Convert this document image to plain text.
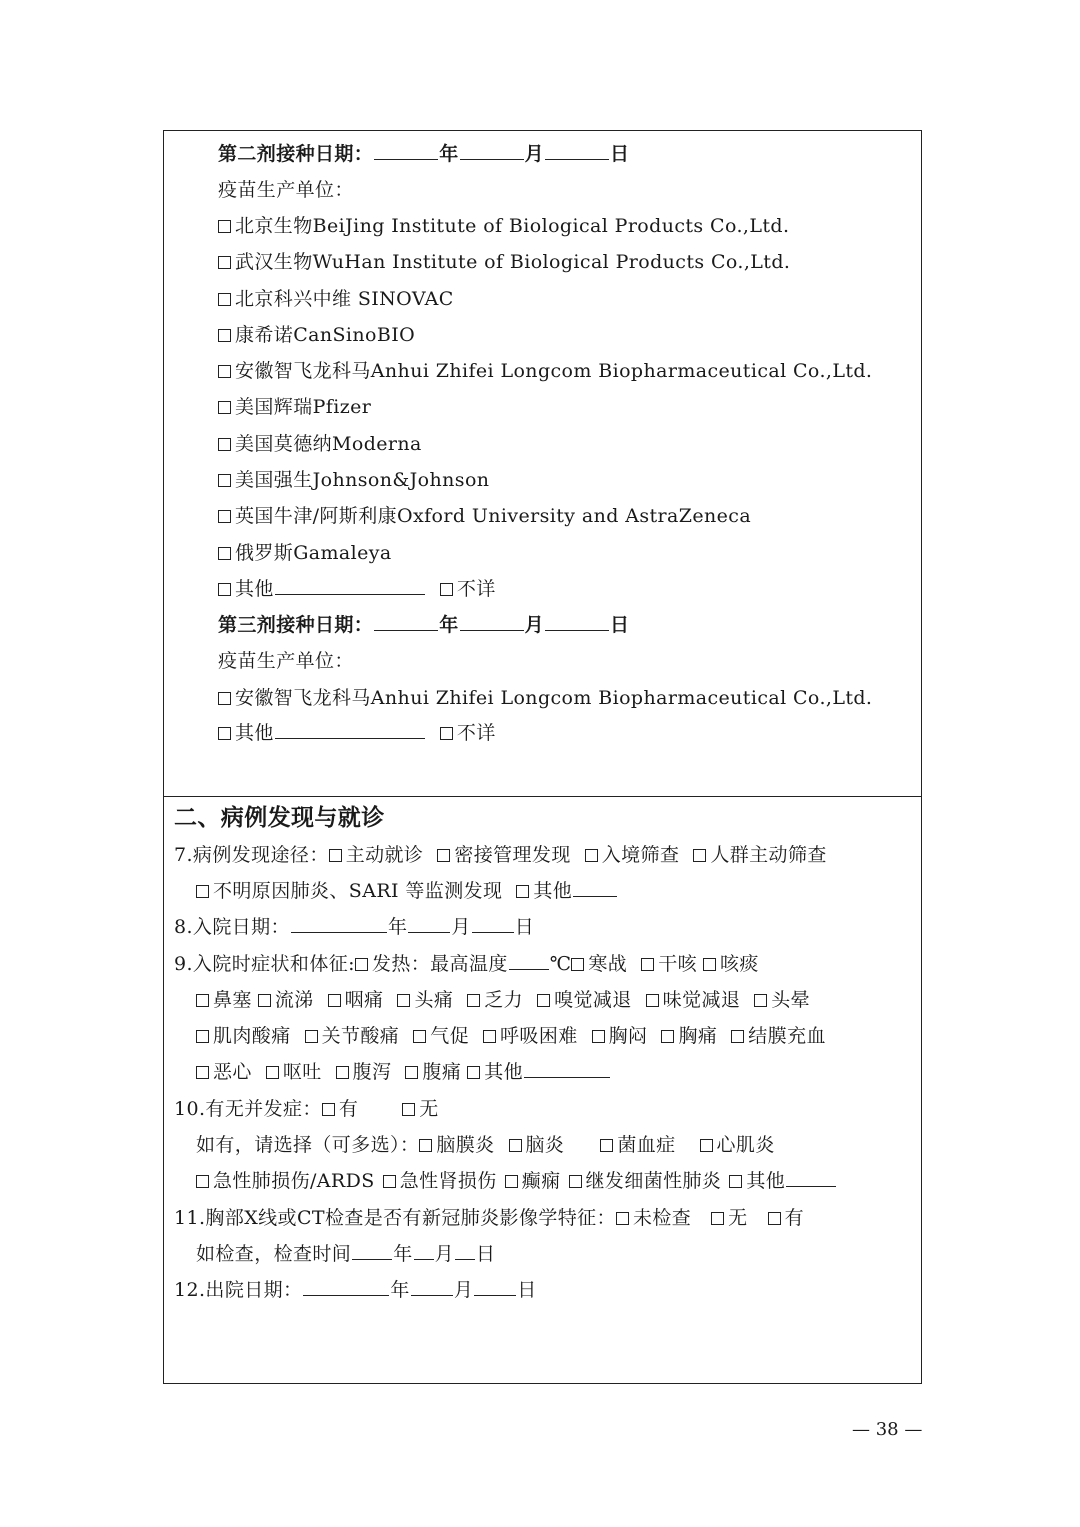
第二剂接种日期：	年	月	日
疫苗生产单位：
北京生物BeiJing Institute of Biological Products Co.,Ltd.
武汉生物WuHan Institute of Biological Products Co.,Ltd.
北京科兴中维 SINOVAC
康希诺CanSinoBIO
安徽智飞龙科马Anhui Zhifei Longcom Biopharmaceutical Co.,Ltd.
美国辉瑞Pfizer
美国莫德纳Moderna
美国强生Johnson&Johnson
英国牛津/阿斯利康Oxford University and AstraZeneca
俄罗斯Gamaleya
其他	不详
第三剂接种日期：	年	月	日
疫苗生产单位：
安徽智飞龙科马Anhui Zhifei Longcom Biopharmaceutical Co.,Ltd.
其他	不详
二、病例发现与就诊
7.病例发现途径： 主动就诊 密接管理发现 入境筛查 人群主动筛查
不明原因肺炎、SARI 等监测发现 其他
8.入院日期：	年 月 日
9.入院时症状和体征: 发热：最高温度 ℃ 寒战 干咳 咳痰
鼻塞 流涕 咽痛 头痛 乏力 嗅觉减退 味觉减退 头晕
肌肉酸痛 关节酸痛 气促 呼吸困难 胸闷 胸痛 结膜充血
恶心 呕吐 腹泻 腹痛 其他
10.有无并发症： 有	无
如有，请选择（可多选）： 脑膜炎 脑炎	菌血症 心肌炎
急性肺损伤/ARDS 急性肾损伤 癫痫 继发细菌性肺炎 其他
11.胸部X线或CT检查是否有新冠肺炎影像学特征： 未检查 无 有
如检查，检查时间 年 月 日
12.出院日期：	年 月 日
— 38 —
